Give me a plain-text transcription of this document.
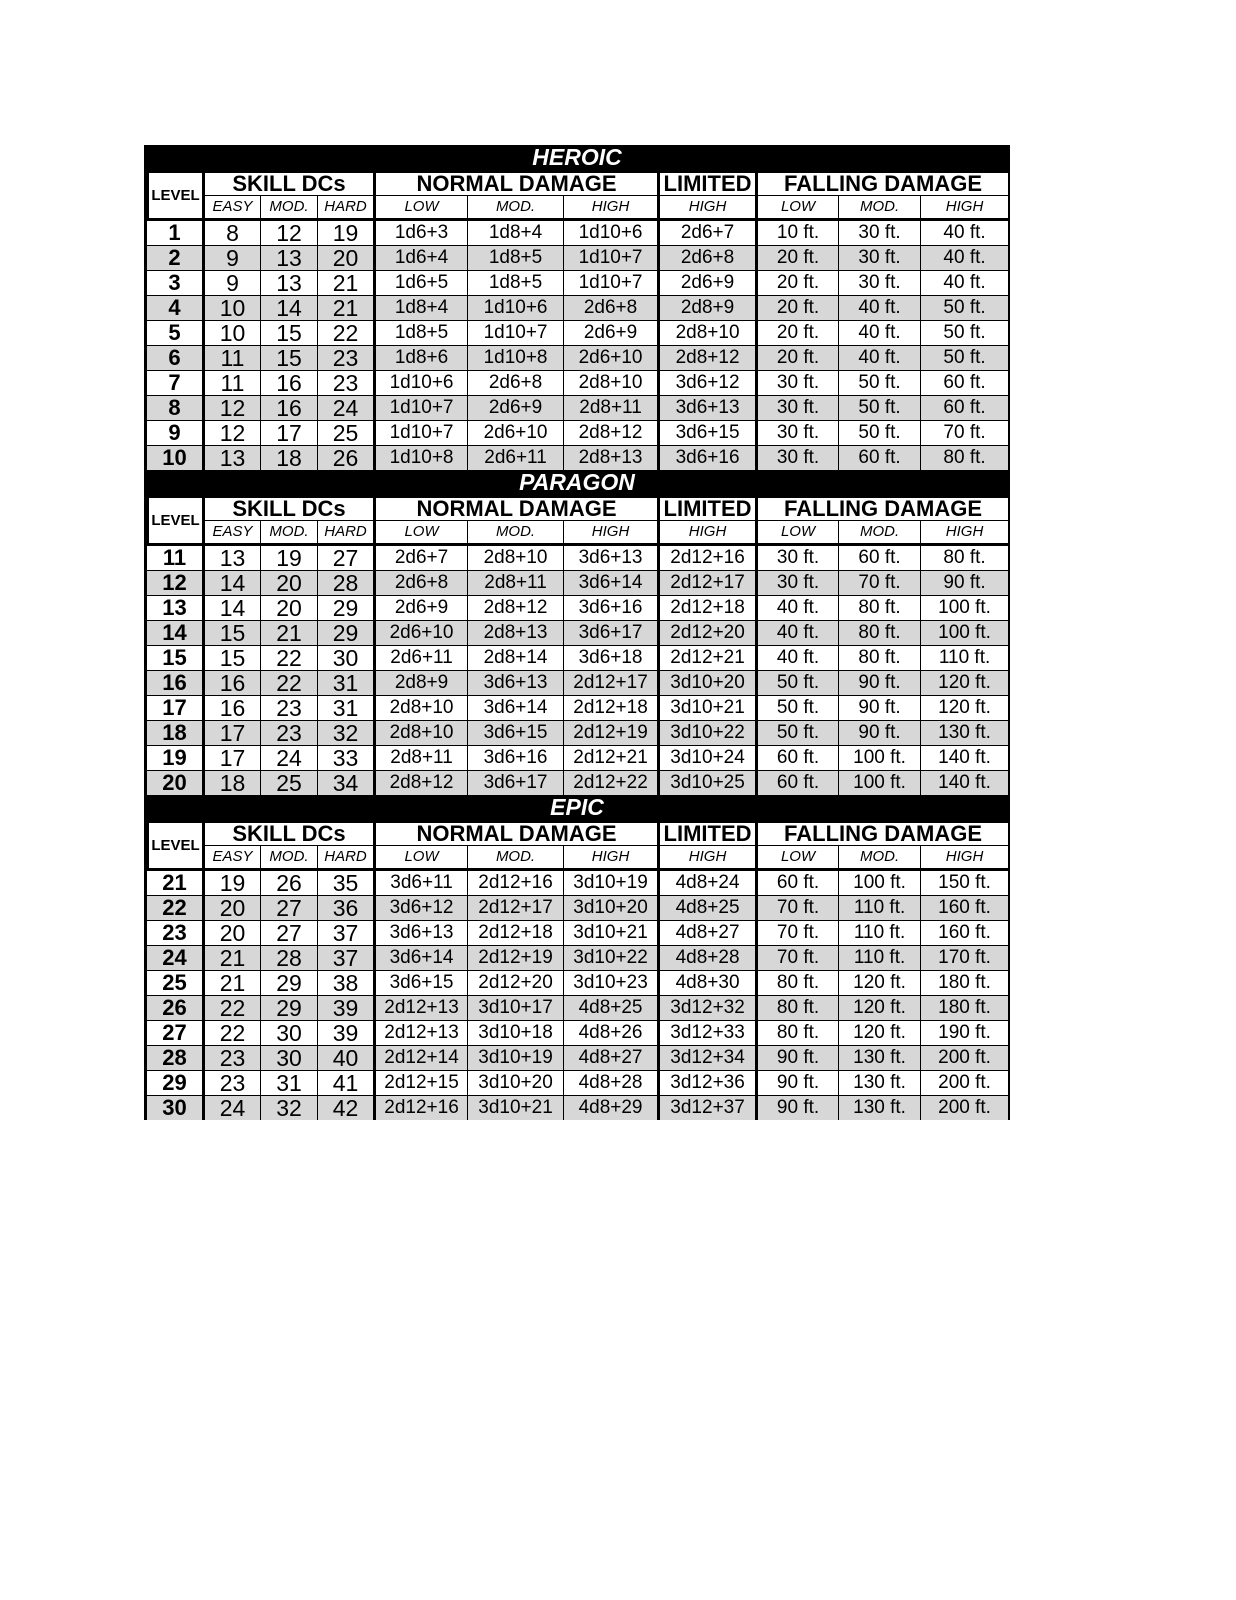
HEROIC
LEVEL	SKILL DCs			NORMAL DAMAGE			LIMITED	FALLING DAMAGE		
	EASY	MOD.	HARD	LOW	MOD.	HIGH	HIGH	LOW	MOD.	HIGH
1	8	12	19	1d6+3	1d8+4	1d10+6	2d6+7	10 ft.	30 ft.	40 ft.
2	9	13	20	1d6+4	1d8+5	1d10+7	2d6+8	20 ft.	30 ft.	40 ft.
3	9	13	21	1d6+5	1d8+5	1d10+7	2d6+9	20 ft.	30 ft.	40 ft.
4	10	14	21	1d8+4	1d10+6	2d6+8	2d8+9	20 ft.	40 ft.	50 ft.
5	10	15	22	1d8+5	1d10+7	2d6+9	2d8+10	20 ft.	40 ft.	50 ft.
6	11	15	23	1d8+6	1d10+8	2d6+10	2d8+12	20 ft.	40 ft.	50 ft.
7	11	16	23	1d10+6	2d6+8	2d8+10	3d6+12	30 ft.	50 ft.	60 ft.
8	12	16	24	1d10+7	2d6+9	2d8+11	3d6+13	30 ft.	50 ft.	60 ft.
9	12	17	25	1d10+7	2d6+10	2d8+12	3d6+15	30 ft.	50 ft.	70 ft.
10	13	18	26	1d10+8	2d6+11	2d8+13	3d6+16	30 ft.	60 ft.	80 ft.
PARAGON
LEVEL	SKILL DCs			NORMAL DAMAGE			LIMITED	FALLING DAMAGE		
	EASY	MOD.	HARD	LOW	MOD.	HIGH	HIGH	LOW	MOD.	HIGH
11	13	19	27	2d6+7	2d8+10	3d6+13	2d12+16	30 ft.	60 ft.	80 ft.
12	14	20	28	2d6+8	2d8+11	3d6+14	2d12+17	30 ft.	70 ft.	90 ft.
13	14	20	29	2d6+9	2d8+12	3d6+16	2d12+18	40 ft.	80 ft.	100 ft.
14	15	21	29	2d6+10	2d8+13	3d6+17	2d12+20	40 ft.	80 ft.	100 ft.
15	15	22	30	2d6+11	2d8+14	3d6+18	2d12+21	40 ft.	80 ft.	110 ft.
16	16	22	31	2d8+9	3d6+13	2d12+17	3d10+20	50 ft.	90 ft.	120 ft.
17	16	23	31	2d8+10	3d6+14	2d12+18	3d10+21	50 ft.	90 ft.	120 ft.
18	17	23	32	2d8+10	3d6+15	2d12+19	3d10+22	50 ft.	90 ft.	130 ft.
19	17	24	33	2d8+11	3d6+16	2d12+21	3d10+24	60 ft.	100 ft.	140 ft.
20	18	25	34	2d8+12	3d6+17	2d12+22	3d10+25	60 ft.	100 ft.	140 ft.
EPIC
LEVEL	SKILL DCs			NORMAL DAMAGE			LIMITED	FALLING DAMAGE		
	EASY	MOD.	HARD	LOW	MOD.	HIGH	HIGH	LOW	MOD.	HIGH
21	19	26	35	3d6+11	2d12+16	3d10+19	4d8+24	60 ft.	100 ft.	150 ft.
22	20	27	36	3d6+12	2d12+17	3d10+20	4d8+25	70 ft.	110 ft.	160 ft.
23	20	27	37	3d6+13	2d12+18	3d10+21	4d8+27	70 ft.	110 ft.	160 ft.
24	21	28	37	3d6+14	2d12+19	3d10+22	4d8+28	70 ft.	110 ft.	170 ft.
25	21	29	38	3d6+15	2d12+20	3d10+23	4d8+30	80 ft.	120 ft.	180 ft.
26	22	29	39	2d12+13	3d10+17	4d8+25	3d12+32	80 ft.	120 ft.	180 ft.
27	22	30	39	2d12+13	3d10+18	4d8+26	3d12+33	80 ft.	120 ft.	190 ft.
28	23	30	40	2d12+14	3d10+19	4d8+27	3d12+34	90 ft.	130 ft.	200 ft.
29	23	31	41	2d12+15	3d10+20	4d8+28	3d12+36	90 ft.	130 ft.	200 ft.
30	24	32	42	2d12+16	3d10+21	4d8+29	3d12+37	90 ft.	130 ft.	200 ft.
